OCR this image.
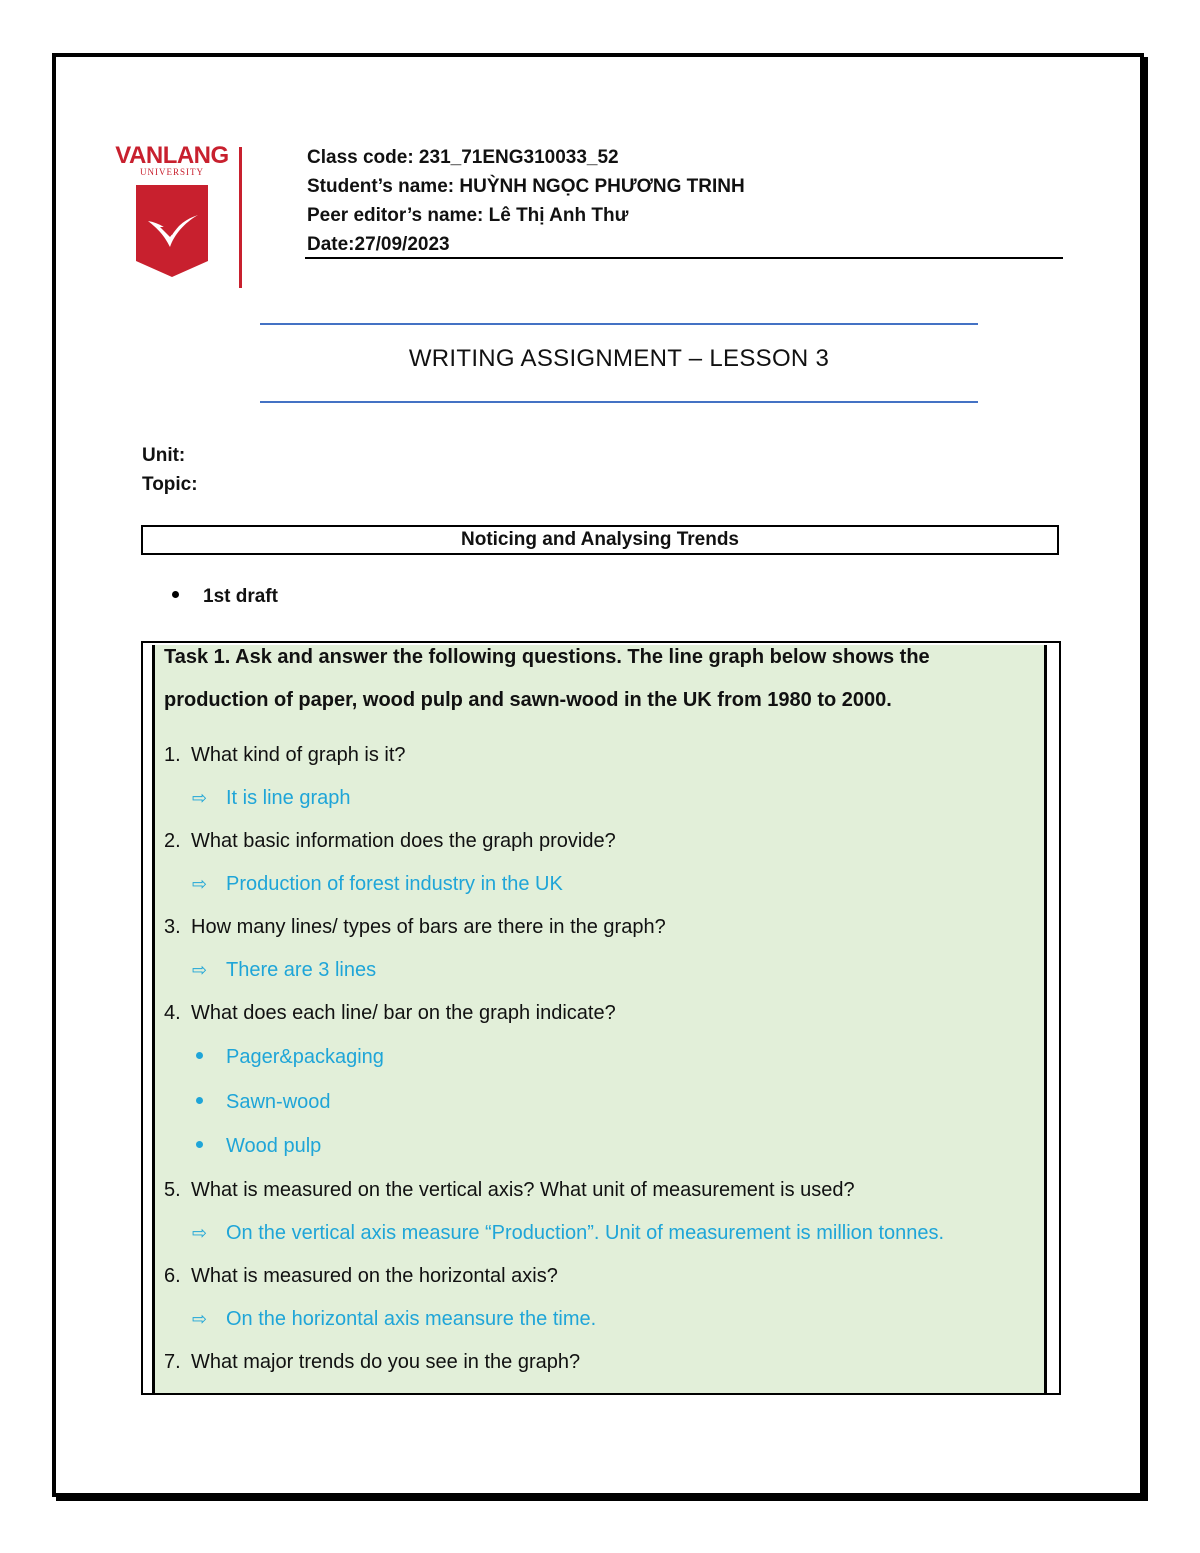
VANLANG
UNIVERSITY
Class code: 231_71ENG310033_52
Student’s name: HUỲNH NGỌC PHƯƠNG TRINH
Peer editor’s name: Lê Thị Anh Thư
Date:27/09/2023
WRITING ASSIGNMENT – LESSON 3
Unit:
Topic:
Noticing and Analysing Trends
1st draft
Task 1. Ask and answer the following questions. The line graph below shows the
production of paper, wood pulp and sawn-wood in the UK from 1980 to 2000.
1. What kind of graph is it?
⇨ It is line graph
2. What basic information does the graph provide?
⇨ Production of forest industry in the UK
3. How many lines/ types of bars are there in the graph?
⇨ There are 3 lines
4. What does each line/ bar on the graph indicate?
Pager&packaging
Sawn-wood
Wood pulp
5. What is measured on the vertical axis? What unit of measurement is used?
⇨ On the vertical axis measure “Production”. Unit of measurement is million tonnes.
6. What is measured on the horizontal axis?
⇨ On the horizontal axis meansure the time.
7. What major trends do you see in the graph?
